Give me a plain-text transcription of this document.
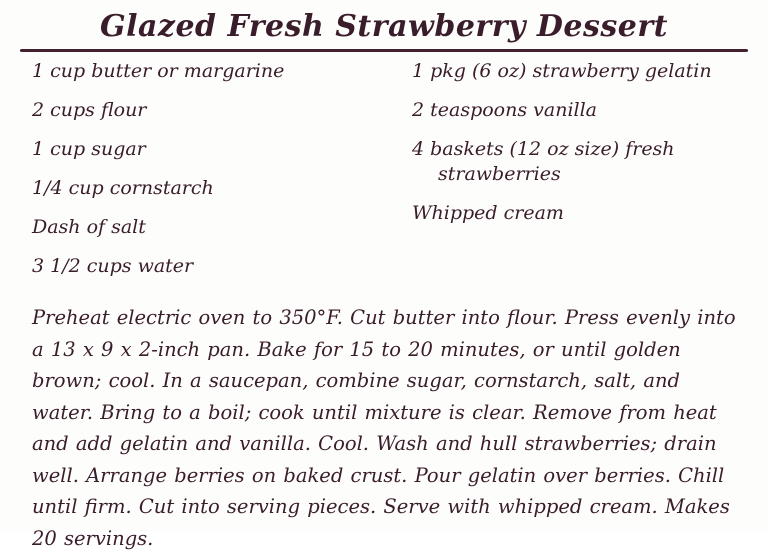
Glazed Fresh Strawberry Dessert
1 cup butter or margarine
2 cups flour
1 cup sugar
1/4 cup cornstarch
Dash of salt
3 1/2 cups water
1 pkg (6 oz) strawberry gelatin
2 teaspoons vanilla
4 baskets (12 oz size) fresh
strawberries
Whipped cream

Preheat electric oven to 350°F. Cut butter into flour. Press evenly into a 13 x 9 x 2-inch pan. Bake for 15 to 20 minutes, or until golden brown; cool. In a saucepan, combine sugar, cornstarch, salt, and water. Bring to a boil; cook until mixture is clear. Remove from heat and add gelatin and vanilla. Cool. Wash and hull strawberries; drain well. Arrange berries on baked crust. Pour gelatin over berries. Chill until firm. Cut into serving pieces. Serve with whipped cream. Makes 20 servings.
